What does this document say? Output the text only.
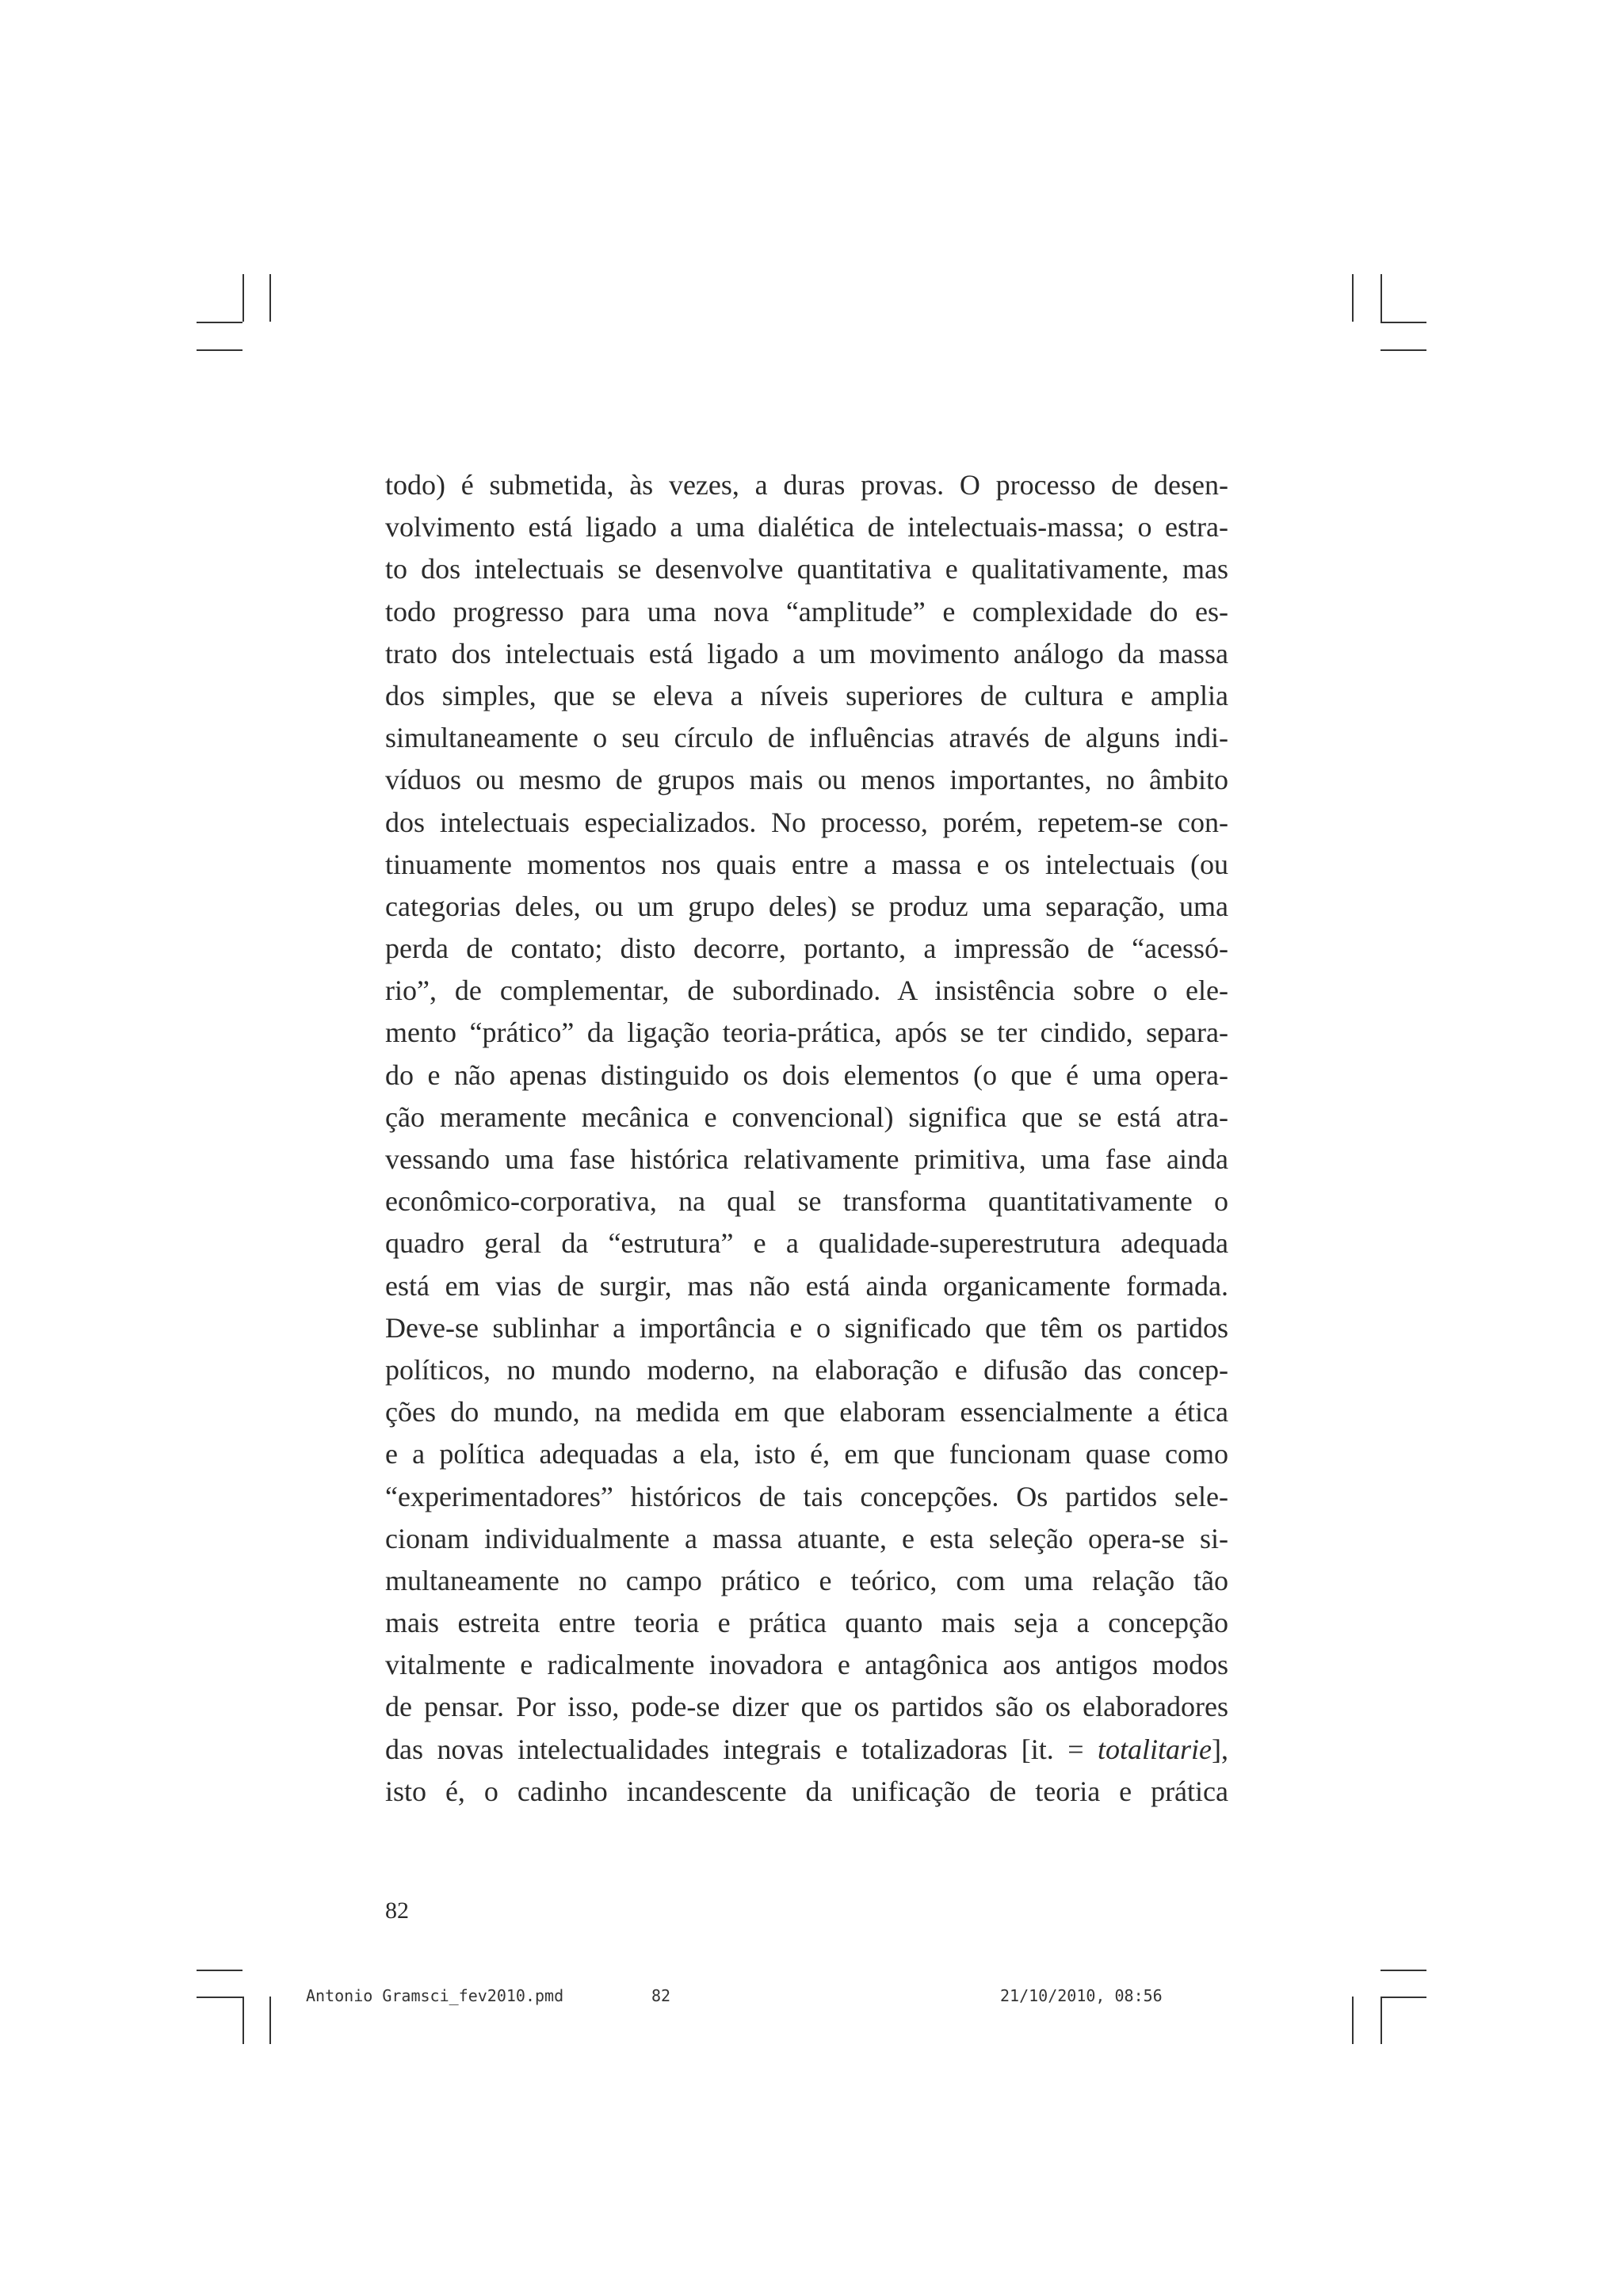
todo) é submetida, às vezes, a duras provas. O processo de desen-
volvimento está ligado a uma dialética de intelectuais-massa; o estra-
to dos intelectuais se desenvolve quantitativa e qualitativamente, mas
todo progresso para uma nova “amplitude” e complexidade do es-
trato dos intelectuais está ligado a um movimento análogo da massa
dos simples, que se eleva a níveis superiores de cultura e amplia
simultaneamente o seu círculo de influências através de alguns indi-
víduos ou mesmo de grupos mais ou menos importantes, no âmbito
dos intelectuais especializados. No processo, porém, repetem-se con-
tinuamente momentos nos quais entre a massa e os intelectuais (ou
categorias deles, ou um grupo deles) se produz uma separação, uma
perda de contato; disto decorre, portanto, a impressão de “acessó-
rio”, de complementar, de subordinado. A insistência sobre o ele-
mento “prático” da ligação teoria-prática, após se ter cindido, separa-
do e não apenas distinguido os dois elementos (o que é uma opera-
ção meramente mecânica e convencional) significa que se está atra-
vessando uma fase histórica relativamente primitiva, uma fase ainda
econômico-corporativa, na qual se transforma quantitativamente o
quadro geral da “estrutura” e a qualidade-superestrutura adequada
está em vias de surgir, mas não está ainda organicamente formada.
Deve-se sublinhar a importância e o significado que têm os partidos
políticos, no mundo moderno, na elaboração e difusão das concep-
ções do mundo, na medida em que elaboram essencialmente a ética
e a política adequadas a ela, isto é, em que funcionam quase como
“experimentadores” históricos de tais concepções. Os partidos sele-
cionam individualmente a massa atuante, e esta seleção opera-se si-
multaneamente no campo prático e teórico, com uma relação tão
mais estreita entre teoria e prática quanto mais seja a concepção
vitalmente e radicalmente inovadora e antagônica aos antigos modos
de pensar. Por isso, pode-se dizer que os partidos são os elaboradores
das novas intelectualidades integrais e totalizadoras [it. = totalitarie],
isto é, o cadinho incandescente da unificação de teoria e prática
82
Antonio Gramsci_fev2010.pmd	82	21/10/2010, 08:56
